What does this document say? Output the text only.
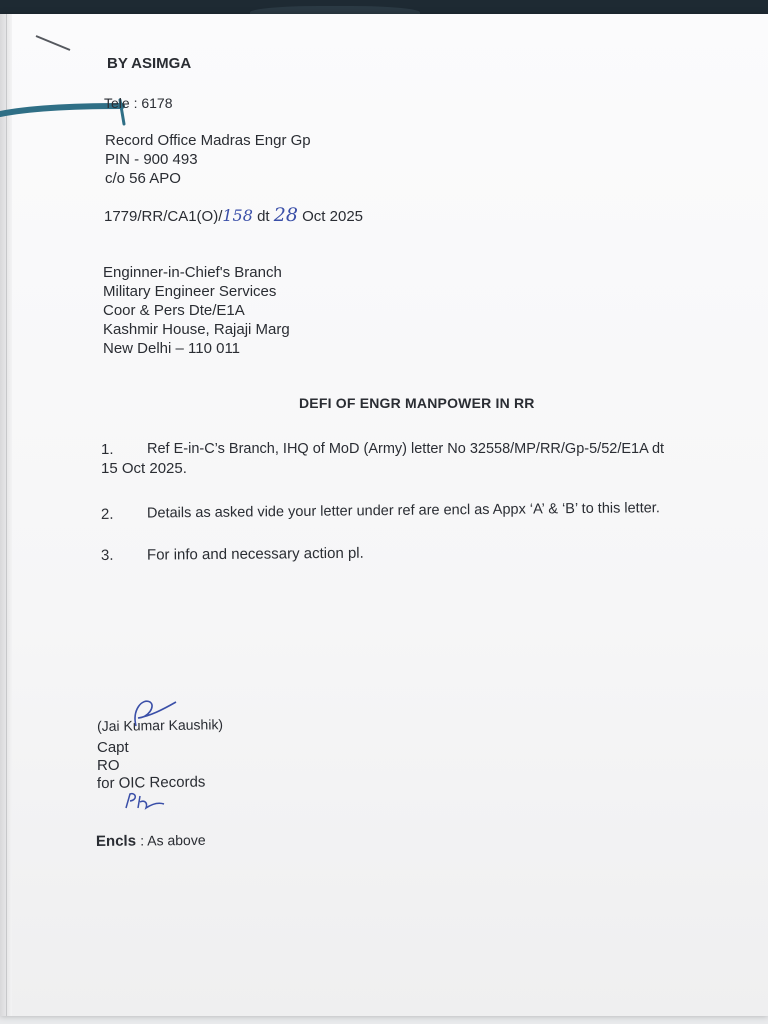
BY ASIMGA
Tele : 6178
Record Office Madras Engr Gp
PIN - 900 493
c/o 56 APO
1779/RR/CA1(O)/158 dt 28 Oct 2025
Enginner-in-Chief's Branch
Military Engineer Services
Coor & Pers Dte/E1A
Kashmir House, Rajaji Marg
New Delhi – 110 011
DEFI OF ENGR MANPOWER IN RR
1.	Ref E-in-C’s Branch, IHQ of MoD (Army) letter No 32558/MP/RR/Gp-5/52/E1A dt
15 Oct 2025.
2.	Details as asked vide your letter under ref are encl as Appx ‘A’ & ‘B’ to this letter.
3.	For info and necessary action pl.
(Jai Kumar Kaushik)
Capt
RO
for OIC Records
Encls : As above
